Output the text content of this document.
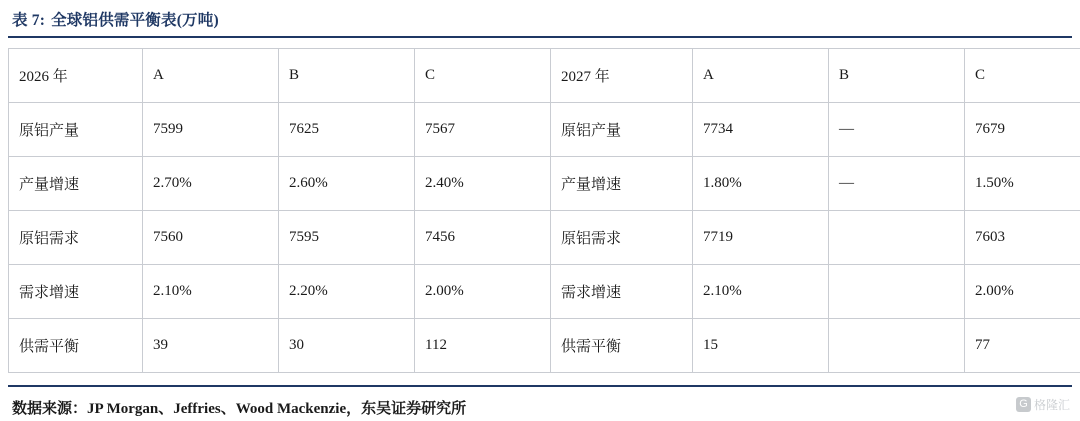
表 7: 全球铝供需平衡表(万吨)
2026 年	A	B	C	2027 年	A	B	C
原铝产量	7599	7625	7567	原铝产量	7734	—	7679
产量增速	2.70%	2.60%	2.40%	产量增速	1.80%	—	1.50%
原铝需求	7560	7595	7456	原铝需求	7719		7603
需求增速	2.10%	2.20%	2.00%	需求增速	2.10%		2.00%
供需平衡	39	30	112	供需平衡	15		77
数据来源：JP Morgan、Jeffries、Wood Mackenzie，东吴证券研究所	G 格隆汇
